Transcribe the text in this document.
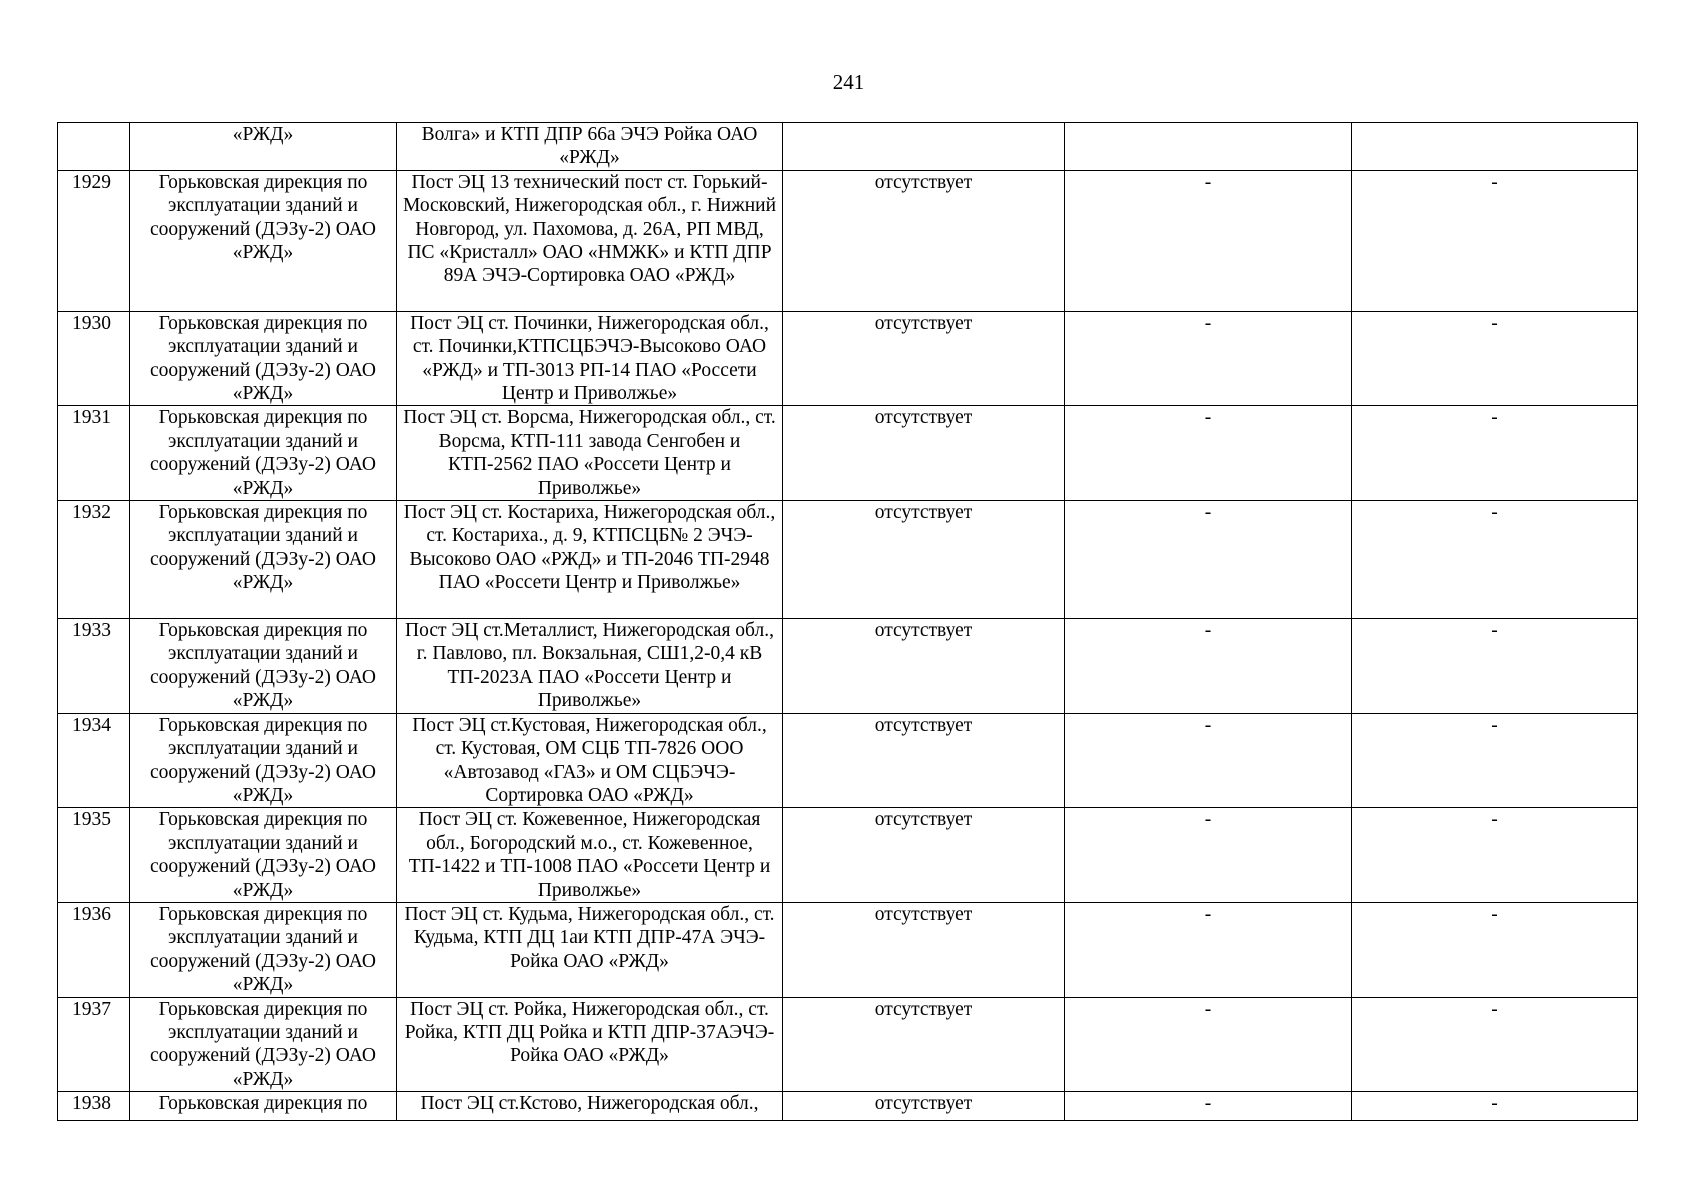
241
	«РЖД»	Волга» и КТП ДПР 66а ЭЧЭ Ройка ОАО «РЖД»			
1929	Горьковская дирекция по эксплуатации зданий и сооружений (ДЭЗу-2) ОАО «РЖД»	Пост ЭЦ 13 технический пост ст. Горький-Московский, Нижегородская обл., г. Нижний Новгород, ул. Пахомова, д. 26А, РП МВД, ПС «Кристалл» ОАО «НМЖК» и КТП ДПР 89А ЭЧЭ-Сортировка ОАО «РЖД»	отсутствует	-	-
1930	Горьковская дирекция по эксплуатации зданий и сооружений (ДЭЗу-2) ОАО «РЖД»	Пост ЭЦ ст. Починки, Нижегородская обл., ст. Починки,КТПСЦБЭЧЭ-Высоково ОАО «РЖД» и ТП-3013 РП-14 ПАО «Россети Центр и Приволжье»	отсутствует	-	-
1931	Горьковская дирекция по эксплуатации зданий и сооружений (ДЭЗу-2) ОАО «РЖД»	Пост ЭЦ ст. Ворсма, Нижегородская обл., ст. Ворсма, КТП-111 завода Сенгобен и КТП-2562 ПАО «Россети Центр и Приволжье»	отсутствует	-	-
1932	Горьковская дирекция по эксплуатации зданий и сооружений (ДЭЗу-2) ОАО «РЖД»	Пост ЭЦ ст. Костариха, Нижегородская обл., ст. Костариха., д. 9, КТПСЦБ№ 2 ЭЧЭ-Высоково ОАО «РЖД» и ТП-2046 ТП-2948 ПАО «Россети Центр и Приволжье»	отсутствует	-	-
1933	Горьковская дирекция по эксплуатации зданий и сооружений (ДЭЗу-2) ОАО «РЖД»	Пост ЭЦ ст.Металлист, Нижегородская обл., г. Павлово, пл. Вокзальная, СШ1,2-0,4 кВ ТП-2023А ПАО «Россети Центр и Приволжье»	отсутствует	-	-
1934	Горьковская дирекция по эксплуатации зданий и сооружений (ДЭЗу-2) ОАО «РЖД»	Пост ЭЦ ст.Кустовая, Нижегородская обл., ст. Кустовая, ОМ СЦБ ТП-7826 ООО «Автозавод «ГАЗ» и ОМ СЦБЭЧЭ-Сортировка ОАО «РЖД»	отсутствует	-	-
1935	Горьковская дирекция по эксплуатации зданий и сооружений (ДЭЗу-2) ОАО «РЖД»	Пост ЭЦ ст. Кожевенное, Нижегородская обл., Богородский м.о., ст. Кожевенное, ТП-1422 и ТП-1008 ПАО «Россети Центр и Приволжье»	отсутствует	-	-
1936	Горьковская дирекция по эксплуатации зданий и сооружений (ДЭЗу-2) ОАО «РЖД»	Пост ЭЦ ст. Кудьма, Нижегородская обл., ст. Кудьма, КТП ДЦ 1аи КТП ДПР-47А ЭЧЭ-Ройка ОАО «РЖД»	отсутствует	-	-
1937	Горьковская дирекция по эксплуатации зданий и сооружений (ДЭЗу-2) ОАО «РЖД»	Пост ЭЦ ст. Ройка, Нижегородская обл., ст. Ройка, КТП ДЦ Ройка и КТП ДПР-37АЭЧЭ-Ройка ОАО «РЖД»	отсутствует	-	-
1938	Горьковская дирекция по	Пост ЭЦ ст.Кстово, Нижегородская обл.,	отсутствует	-	-
